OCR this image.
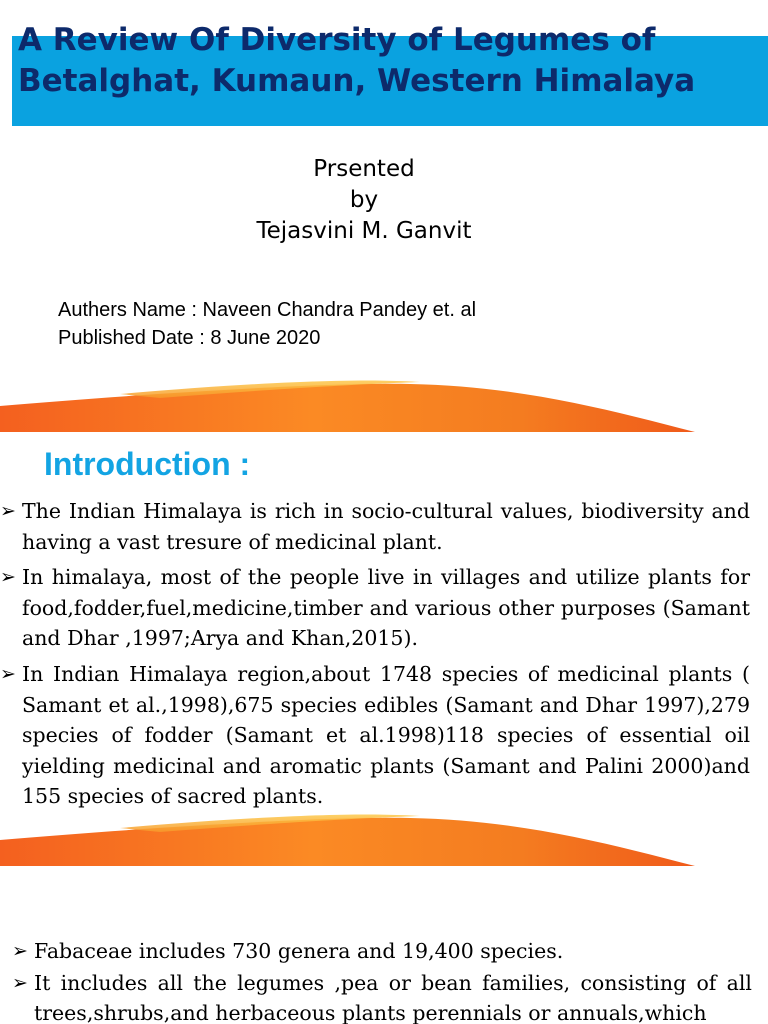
A Review Of Diversity of Legumes of Betalghat, Kumaun, Western Himalaya
Prsented
by
Tejasvini M. Ganvit
Authers Name : Naveen Chandra Pandey et. al
Published Date : 8 June 2020
Introduction :
➢ The Indian Himalaya is rich in socio-cultural values, biodiversity and having a vast tresure of medicinal plant.
➢ In himalaya, most of the people live in villages and utilize plants for food,fodder,fuel,medicine,timber and various other purposes (Samant and Dhar ,1997;Arya and Khan,2015).
➢ In Indian Himalaya region,about 1748 species of medicinal plants ( Samant et al.,1998),675 species edibles (Samant and Dhar 1997),279 species of fodder (Samant et al.1998)118 species of essential oil yielding medicinal and aromatic plants (Samant and Palini 2000)and 155 species of sacred plants.
➢ Fabaceae includes 730 genera and 19,400 species.
➢ It includes all the legumes ,pea or bean families, consisting of all trees,shrubs,and herbaceous plants perennials or annuals,which
